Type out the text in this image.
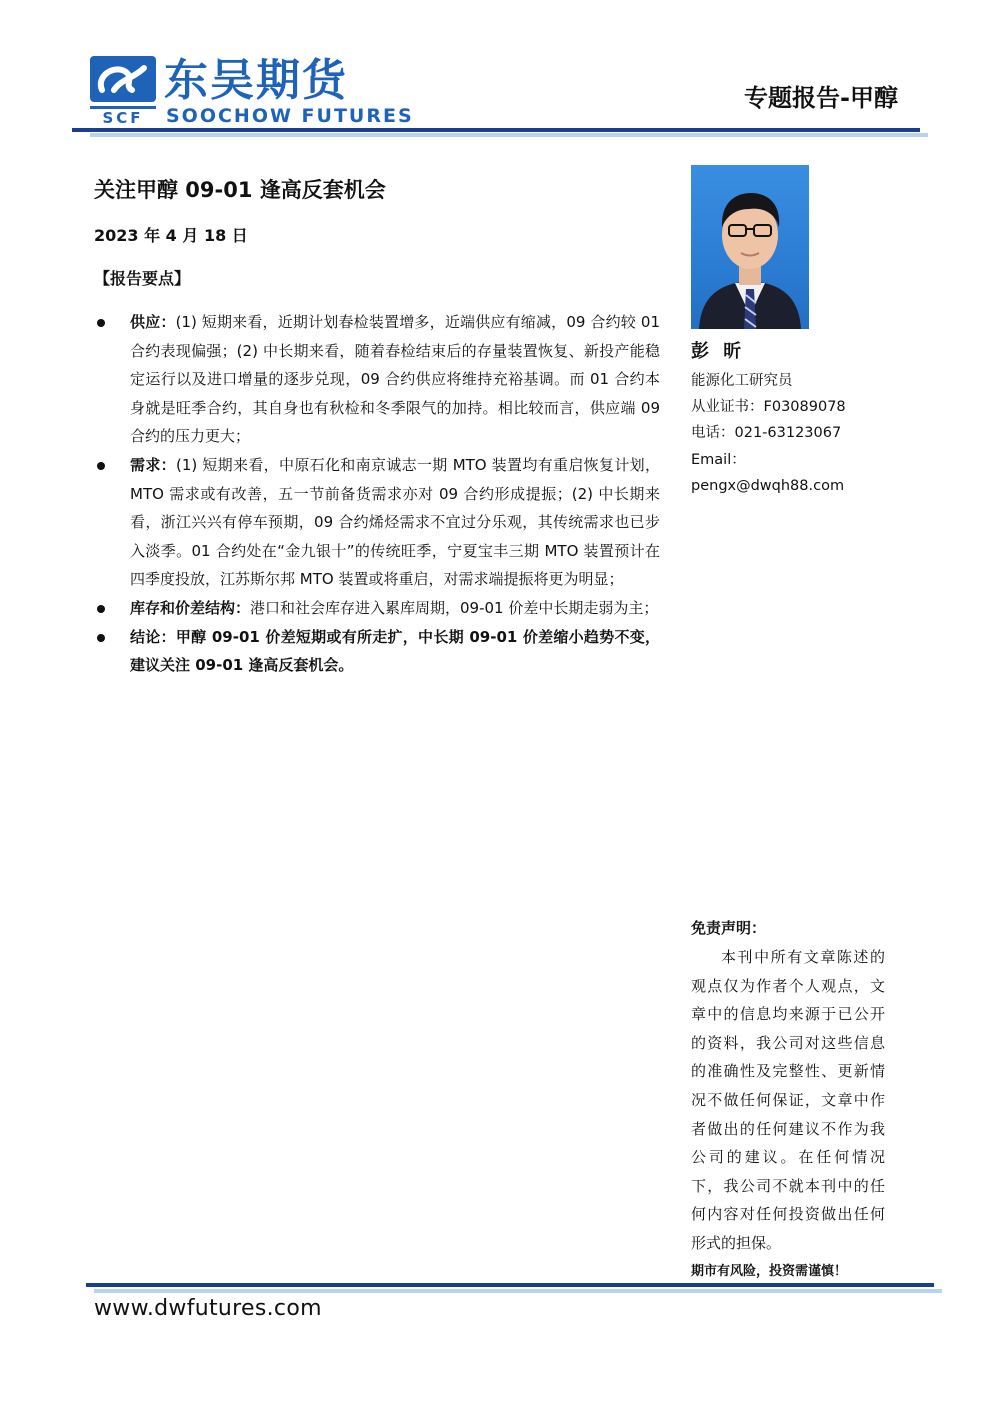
SCF
东吴期货
SOOCHOW FUTURES
专题报告-甲醇
关注甲醇 09-01 逢高反套机会
2023 年 4 月 18 日
【报告要点】
供应：(1) 短期来看，近期计划春检装置增多，近端供应有缩减，09 合约较 01 合约表现偏强；(2) 中长期来看，随着春检结束后的存量装置恢复、新投产能稳定运行以及进口增量的逐步兑现，09 合约供应将维持充裕基调。而 01 合约本身就是旺季合约，其自身也有秋检和冬季限气的加持。相比较而言，供应端 09 合约的压力更大；
需求：(1) 短期来看，中原石化和南京诚志一期 MTO 装置均有重启恢复计划，MTO 需求或有改善，五一节前备货需求亦对 09 合约形成提振；(2) 中长期来看，浙江兴兴有停车预期，09 合约烯烃需求不宜过分乐观，其传统需求也已步入淡季。01 合约处在“金九银十”的传统旺季，宁夏宝丰三期 MTO 装置预计在四季度投放，江苏斯尔邦 MTO 装置或将重启，对需求端提振将更为明显；
库存和价差结构：港口和社会库存进入累库周期，09-01 价差中长期走弱为主；
结论：甲醇 09-01 价差短期或有所走扩，中长期 09-01 价差缩小趋势不变，建议关注 09-01 逢高反套机会。
彭 昕
能源化工研究员
从业证书：F03089078
电话：021-63123067
Email：
pengx@dwqh88.com
免责声明：
本刊中所有文章陈述的观点仅为作者个人观点，文章中的信息均来源于已公开的资料，我公司对这些信息的准确性及完整性、更新情况不做任何保证，文章中作者做出的任何建议不作为我公司的建议。在任何情况下，我公司不就本刊中的任何内容对任何投资做出任何形式的担保。
期市有风险，投资需谨慎！
www.dwfutures.com
